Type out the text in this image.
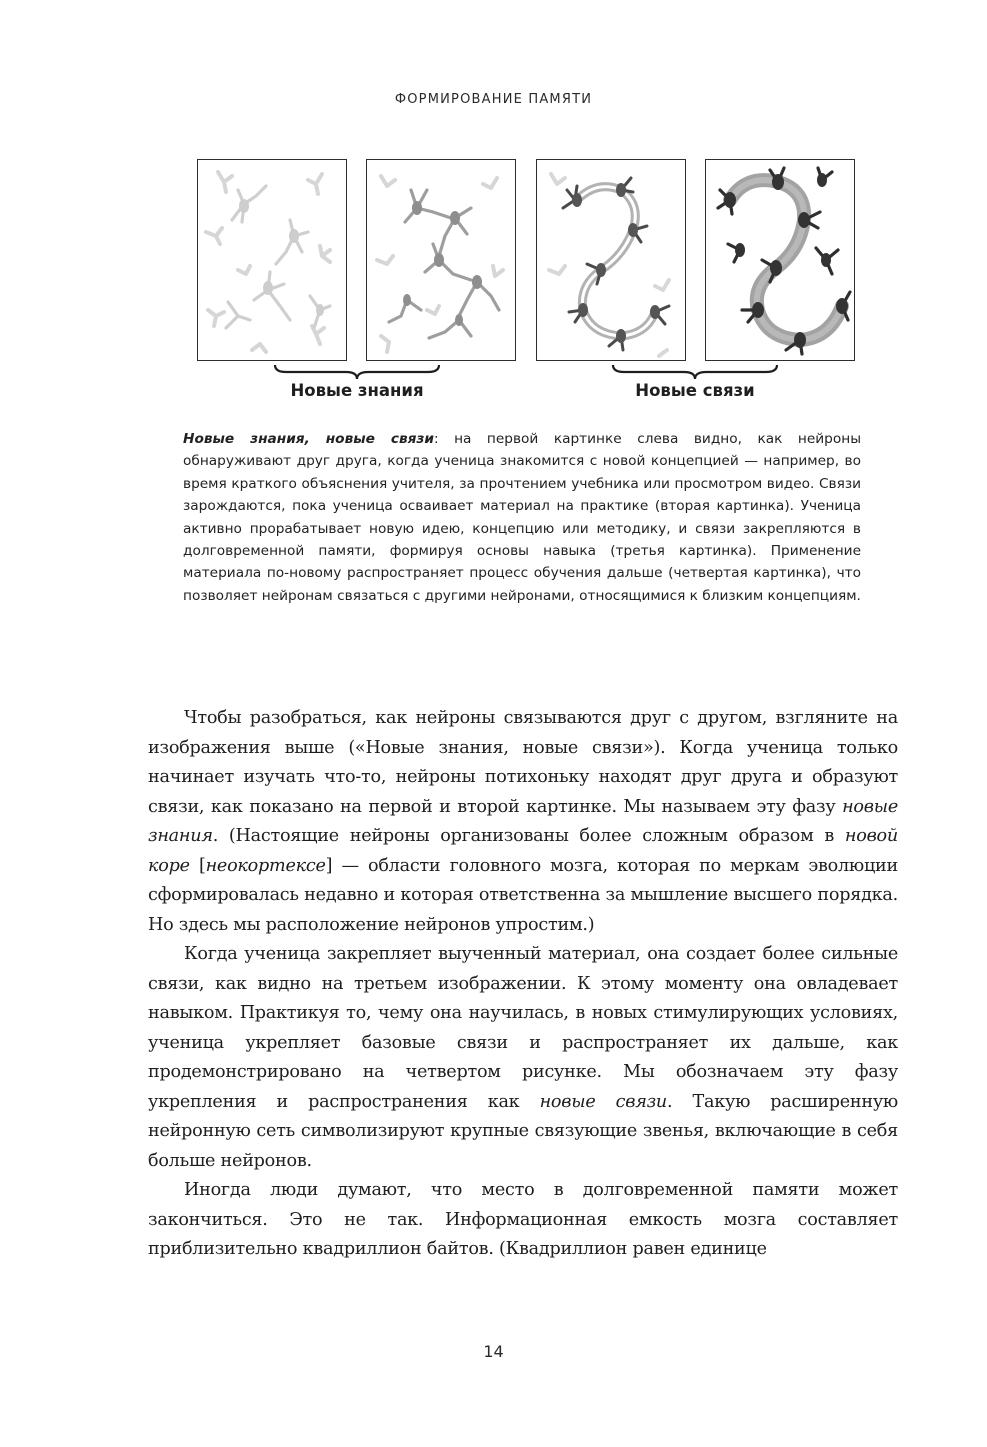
ФОРМИРОВАНИЕ ПАМЯТИ
Новые знания	Новые связи
Новые знания, новые связи: на первой картинке слева видно, как нейроны обнаруживают друг друга, когда ученица знакомится с новой концепцией — например, во время краткого объяснения учителя, за прочтением учебника или просмотром видео. Связи зарождаются, пока ученица осваивает материал на практике (вторая картинка). Ученица активно прорабатывает новую идею, концепцию или методику, и связи закрепляются в долговременной памяти, формируя основы навыка (третья картинка). Применение материала по-новому распространяет процесс обучения дальше (четвертая картинка), что позволяет нейронам связаться с другими нейронами, относящимися к близким концепциям.

Чтобы разобраться, как нейроны связываются друг с другом, взгляните на изображения выше («Новые знания, новые связи»). Когда ученица только начинает изучать что-то, нейроны потихоньку находят друг друга и образуют связи, как показано на первой и второй картинке. Мы называем эту фазу новые знания. (Настоящие нейроны организованы более сложным образом в новой коре [неокортексе] — области головного мозга, которая по меркам эволюции сформировалась недавно и которая ответственна за мышление высшего порядка. Но здесь мы расположение нейронов упростим.)

Когда ученица закрепляет выученный материал, она создает более сильные связи, как видно на третьем изображении. К этому моменту она овладевает навыком. Практикуя то, чему она научилась, в новых стимулирующих условиях, ученица укрепляет базовые связи и распространяет их дальше, как продемонстрировано на четвертом рисунке. Мы обозначаем эту фазу укрепления и распространения как новые связи. Такую расширенную нейронную сеть символизируют крупные связующие звенья, включающие в себя больше нейронов.

Иногда люди думают, что место в долговременной памяти может закончиться. Это не так. Информационная емкость мозга составляет приблизительно квадриллион байтов. (Квадриллион равен единице

14
